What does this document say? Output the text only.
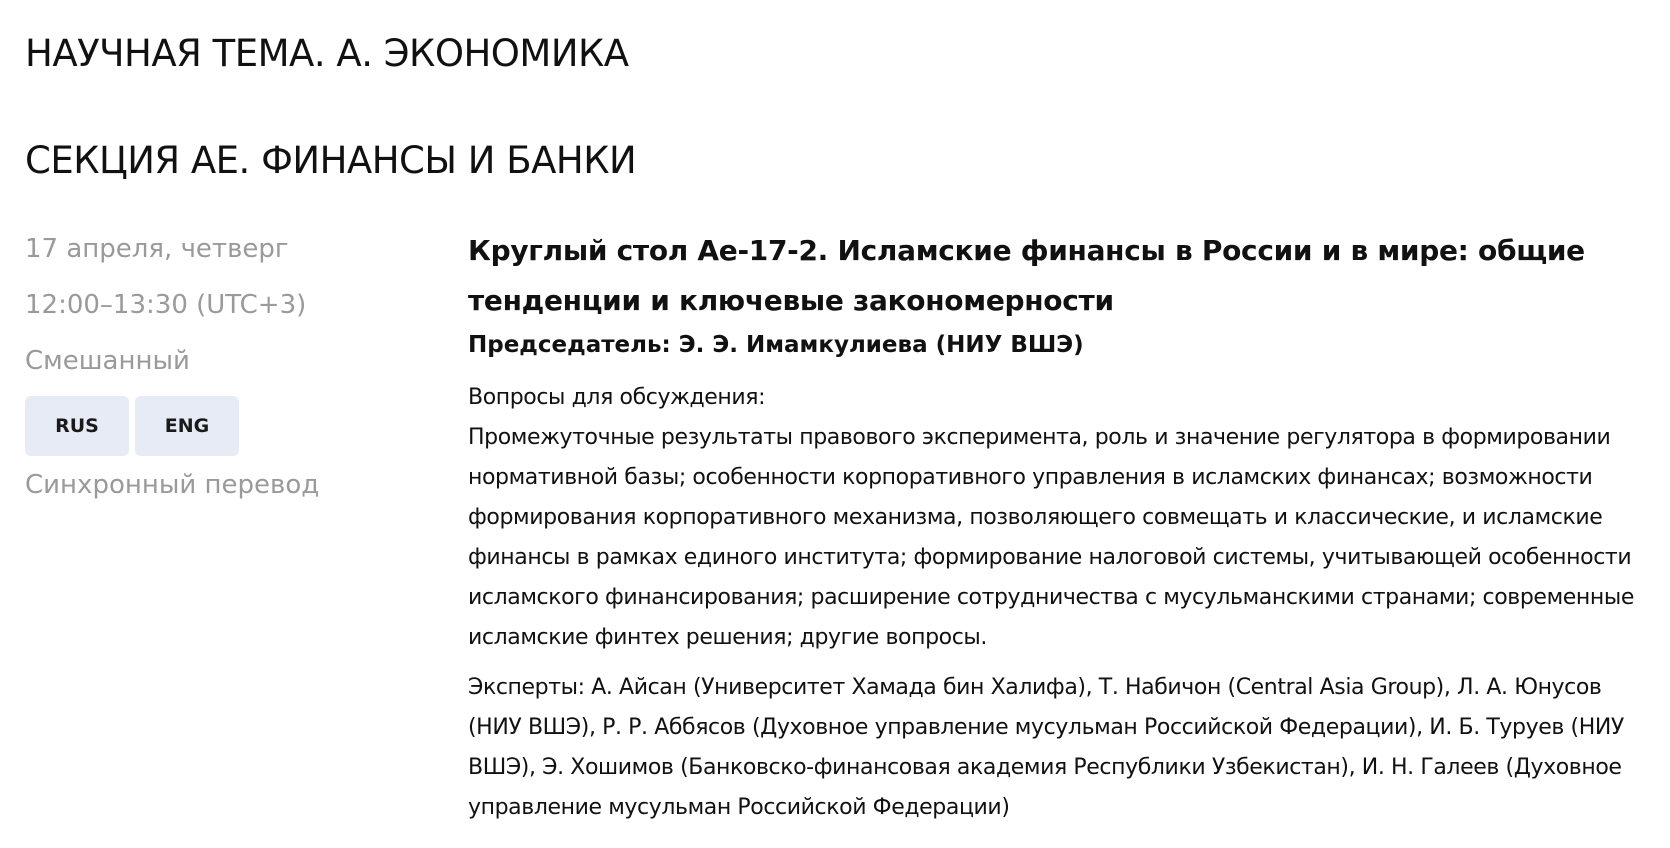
НАУЧНАЯ ТЕМА. А. ЭКОНОМИКА
СЕКЦИЯ АЕ. ФИНАНСЫ И БАНКИ
17 апреля, четверг
12:00–13:30 (UTC+3)
Смешанный
RUS	ENG
Синхронный перевод
Круглый стол Ае-17-2. Исламские финансы в России и в мире: общие тенденции и ключевые закономерности
Председатель: Э. Э. Имамкулиева (НИУ ВШЭ)
Вопросы для обсуждения:
Промежуточные результаты правового эксперимента, роль и значение регулятора в формировании нормативной базы; особенности корпоративного управления в исламских финансах; возможности формирования корпоративного механизма, позволяющего совмещать и классические, и исламские финансы в рамках единого института; формирование налоговой системы, учитывающей особенности исламского финансирования; расширение сотрудничества с мусульманскими странами; современные исламские финтех решения; другие вопросы.
Эксперты: А. Айсан (Университет Хамада бин Халифа), Т. Набичон (Central Asia Group), Л. А. Юнусов (НИУ ВШЭ), Р. Р. Аббясов (Духовное управление мусульман Российской Федерации), И. Б. Туруев (НИУ ВШЭ), Э. Хошимов (Банковско-финансовая академия Республики Узбекистан), И. Н. Галеев (Духовное управление мусульман Российской Федерации)
